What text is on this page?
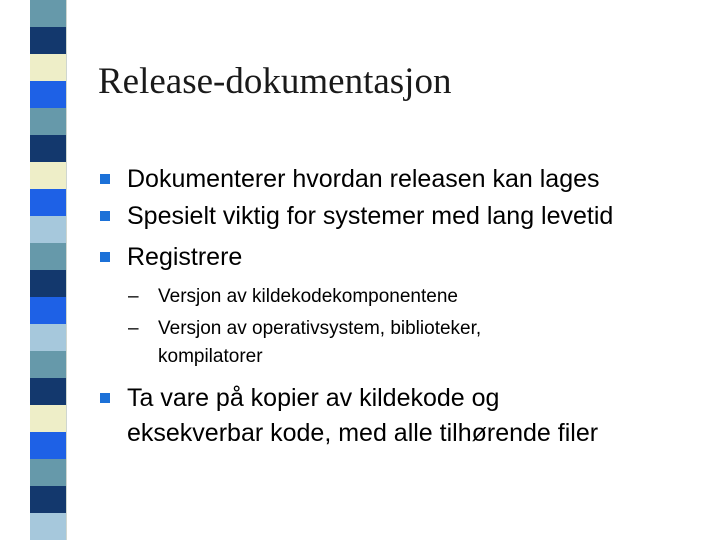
Release-dokumentasjon
Dokumenterer hvordan releasen kan lages
Spesielt viktig for systemer med lang levetid
Registrere
– Versjon av kildekodekomponentene
– Versjon av operativsystem, biblioteker,
kompilatorer
Ta vare på kopier av kildekode og
eksekverbar kode, med alle tilhørende filer
